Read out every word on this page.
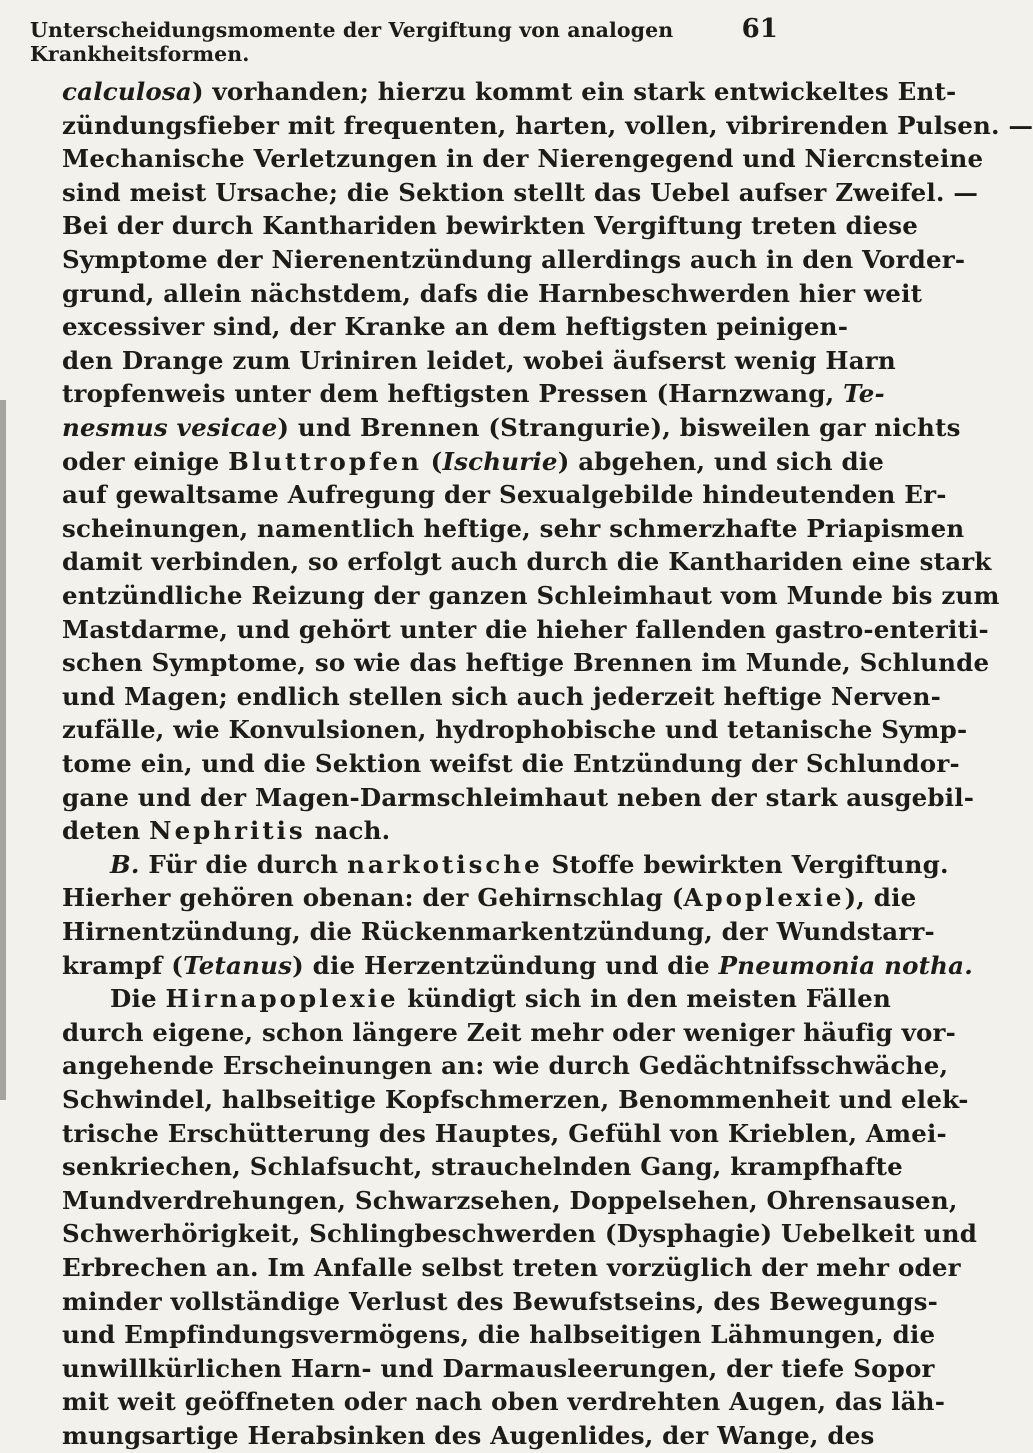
Unterscheidungsmomente der Vergiftung von analogen Krankheitsformen.
61
calculosa) vorhanden; hierzu kommt ein stark entwickeltes Ent-
zündungsfieber mit frequenten, harten, vollen, vibrirenden Pulsen. —
Mechanische Verletzungen in der Nierengegend und Niercnsteine
sind meist Ursache; die Sektion stellt das Uebel aufser Zweifel. —
Bei der durch Kanthariden bewirkten Vergiftung treten diese
Symptome der Nierenentzündung allerdings auch in den Vorder-
grund, allein nächstdem, dafs die Harnbeschwerden hier weit
excessiver sind, der Kranke an dem heftigsten peinigen-
den Drange zum Uriniren leidet, wobei äufserst wenig Harn
tropfenweis unter dem heftigsten Pressen (Harnzwang, Te-
nesmus vesicae) und Brennen (Strangurie), bisweilen gar nichts
oder einige Bluttropfen (Ischurie) abgehen, und sich die
auf gewaltsame Aufregung der Sexualgebilde hindeutenden Er-
scheinungen, namentlich heftige, sehr schmerzhafte Priapismen
damit verbinden, so erfolgt auch durch die Kanthariden eine stark
entzündliche Reizung der ganzen Schleimhaut vom Munde bis zum
Mastdarme, und gehört unter die hieher fallenden gastro-enteriti-
schen Symptome, so wie das heftige Brennen im Munde, Schlunde
und Magen; endlich stellen sich auch jederzeit heftige Nerven-
zufälle, wie Konvulsionen, hydrophobische und tetanische Symp-
tome ein, und die Sektion weifst die Entzündung der Schlundor-
gane und der Magen-Darmschleimhaut neben der stark ausgebil-
deten Nephritis nach.
B. Für die durch narkotische Stoffe bewirkten Vergiftung.
Hierher gehören obenan: der Gehirnschlag (Apoplexie), die
Hirnentzündung, die Rückenmarkentzündung, der Wundstarr-
krampf (Tetanus) die Herzentzündung und die Pneumonia notha.
Die Hirnapoplexie kündigt sich in den meisten Fällen
durch eigene, schon längere Zeit mehr oder weniger häufig vor-
angehende Erscheinungen an: wie durch Gedächtnifsschwäche,
Schwindel, halbseitige Kopfschmerzen, Benommenheit und elek-
trische Erschütterung des Hauptes, Gefühl von Krieblen, Amei-
senkriechen, Schlafsucht, strauchelnden Gang, krampfhafte
Mundverdrehungen, Schwarzsehen, Doppelsehen, Ohrensausen,
Schwerhörigkeit, Schlingbeschwerden (Dysphagie) Uebelkeit und
Erbrechen an. Im Anfalle selbst treten vorzüglich der mehr oder
minder vollständige Verlust des Bewufstseins, des Bewegungs-
und Empfindungsvermögens, die halbseitigen Lähmungen, die
unwillkürlichen Harn- und Darmausleerungen, der tiefe Sopor
mit weit geöffneten oder nach oben verdrehten Augen, das läh-
mungsartige Herabsinken des Augenlides, der Wange, des
